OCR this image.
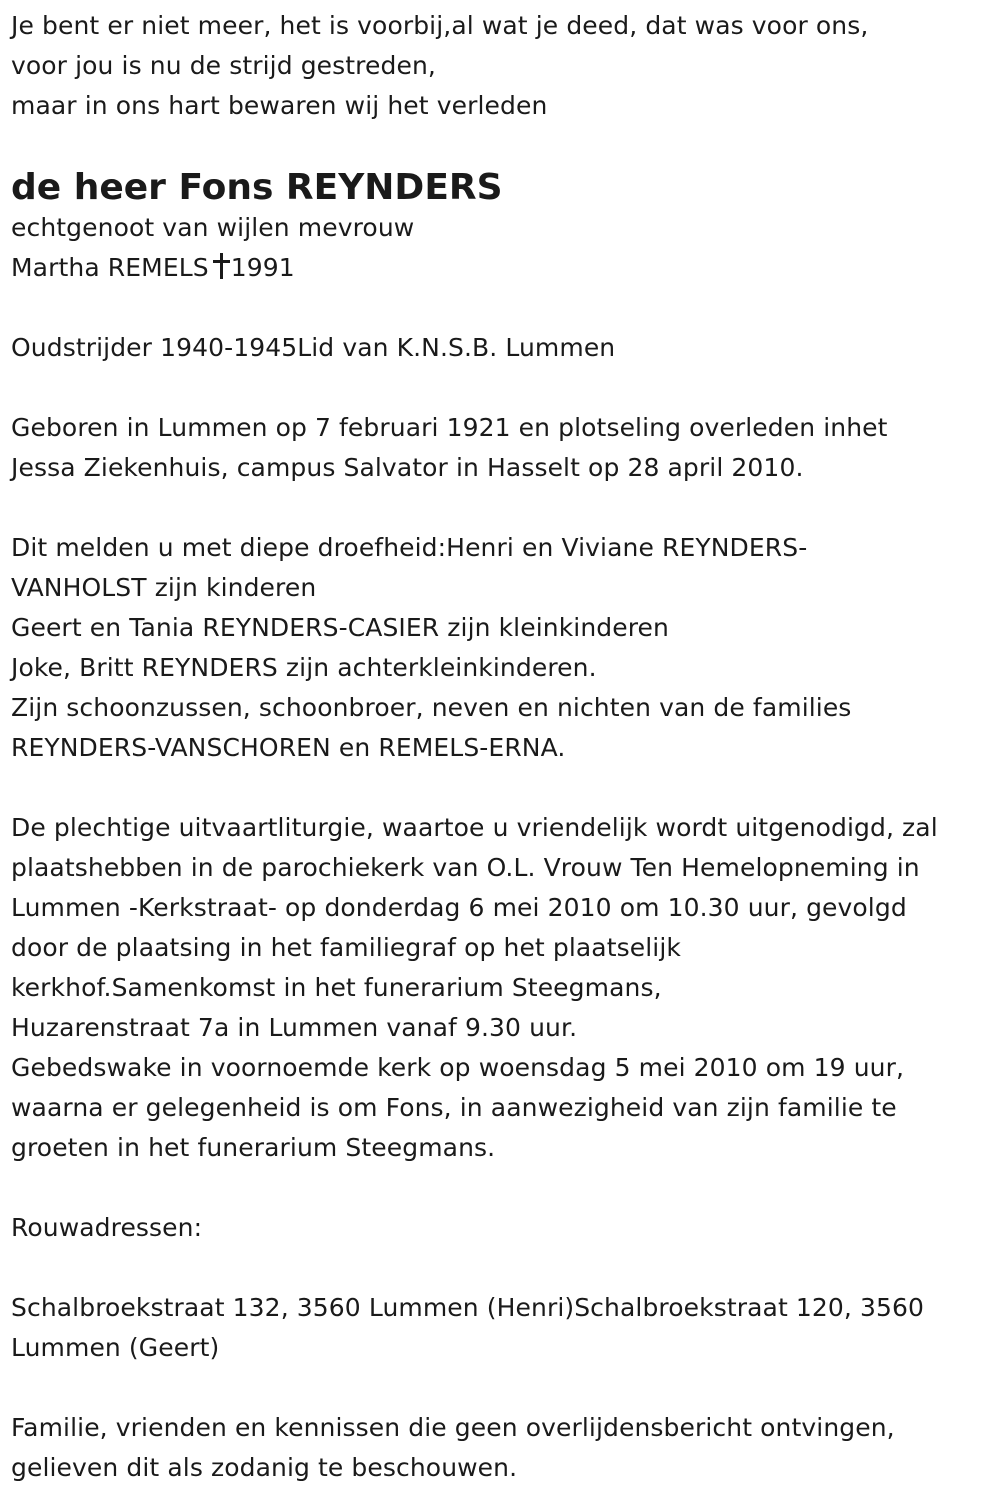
Je bent er niet meer, het is voorbij,al wat je deed, dat was voor ons,
voor jou is nu de strijd gestreden,
maar in ons hart bewaren wij het verleden
de heer Fons REYNDERS
echtgenoot van wijlen mevrouw
Martha REMELS 1991
Oudstrijder 1940-1945Lid van K.N.S.B. Lummen
Geboren in Lummen op 7 februari 1921 en plotseling overleden inhet
Jessa Ziekenhuis, campus Salvator in Hasselt op 28 april 2010.
Dit melden u met diepe droefheid:Henri en Viviane REYNDERS-
VANHOLST zijn kinderen
Geert en Tania REYNDERS-CASIER zijn kleinkinderen
Joke, Britt REYNDERS zijn achterkleinkinderen.
Zijn schoonzussen, schoonbroer, neven en nichten van de families
REYNDERS-VANSCHOREN en REMELS-ERNA.
De plechtige uitvaartliturgie, waartoe u vriendelijk wordt uitgenodigd, zal
plaatshebben in de parochiekerk van O.L. Vrouw Ten Hemelopneming in
Lummen -Kerkstraat- op donderdag 6 mei 2010 om 10.30 uur, gevolgd
door de plaatsing in het familiegraf op het plaatselijk
kerkhof.Samenkomst in het funerarium Steegmans,
Huzarenstraat 7a in Lummen vanaf 9.30 uur.
Gebedswake in voornoemde kerk op woensdag 5 mei 2010 om 19 uur,
waarna er gelegenheid is om Fons, in aanwezigheid van zijn familie te
groeten in het funerarium Steegmans.
Rouwadressen:
Schalbroekstraat 132, 3560 Lummen (Henri)Schalbroekstraat 120, 3560
Lummen (Geert)
Familie, vrienden en kennissen die geen overlijdensbericht ontvingen,
gelieven dit als zodanig te beschouwen.
